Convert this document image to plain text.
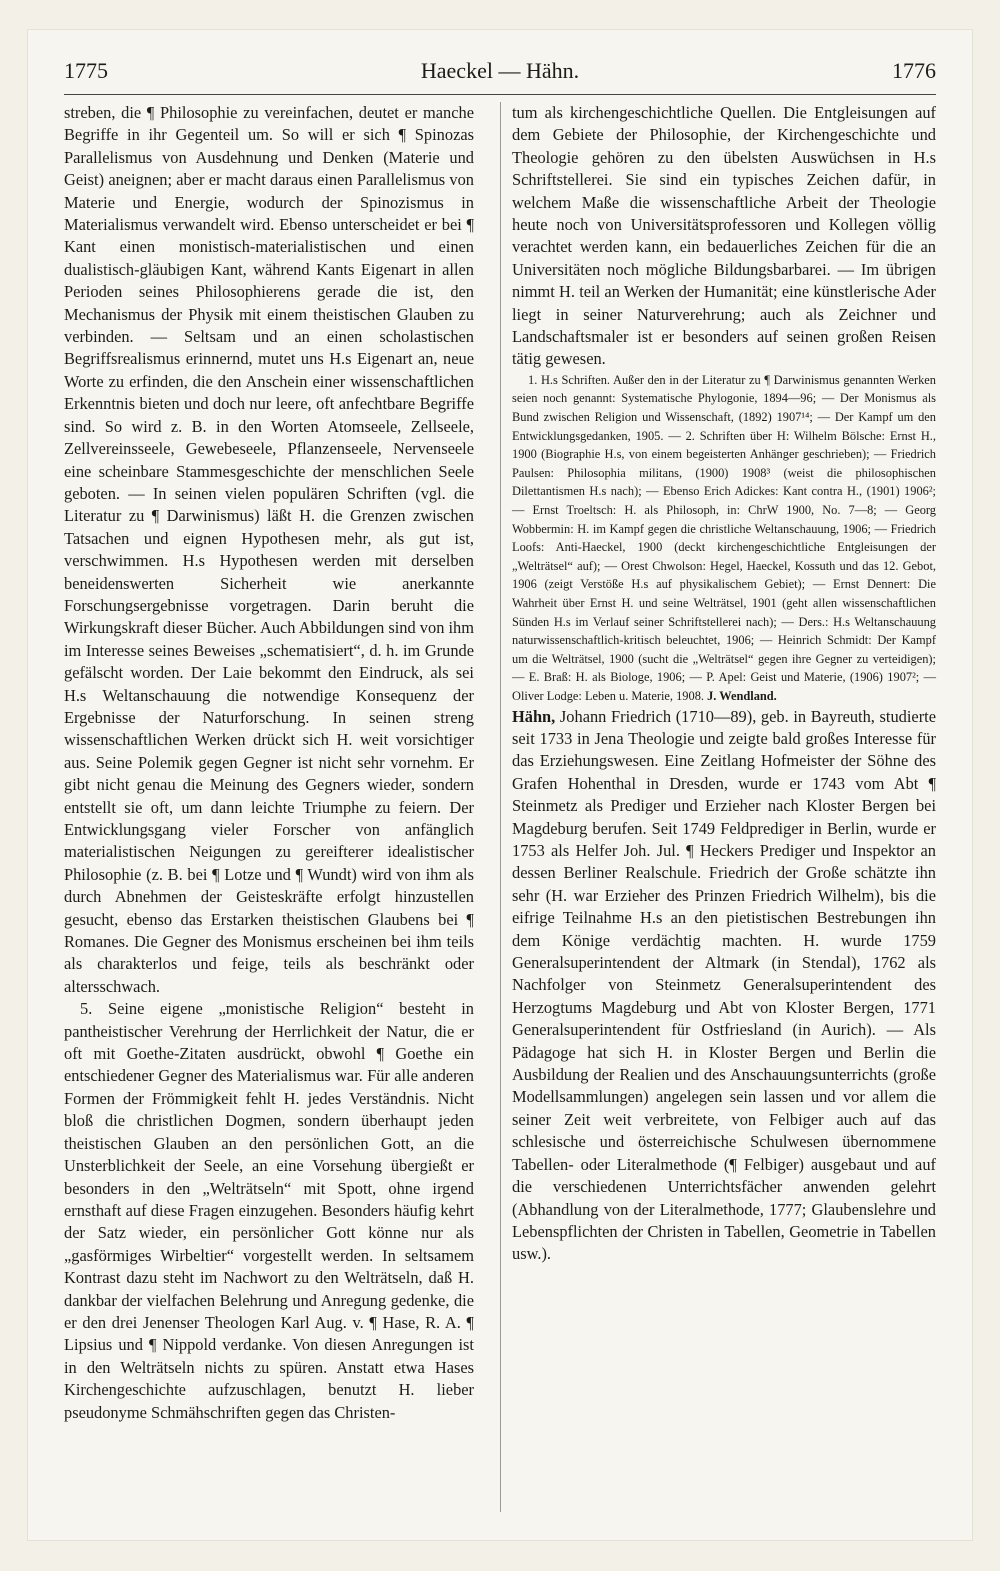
1775	Haeckel — Hähn.	1776

streben, die ¶ Philosophie zu vereinfachen, deutet er manche Begriffe in ihr Gegenteil um. So will er sich ¶ Spinozas Parallelismus von Ausdehnung und Denken (Materie und Geist) aneignen; aber er macht daraus einen Parallelismus von Materie und Energie, wodurch der Spinozismus in Materialismus verwandelt wird. Ebenso unterscheidet er bei ¶ Kant einen monistisch-materialistischen und einen dualistisch-gläubigen Kant, während Kants Eigenart in allen Perioden seines Philosophierens gerade die ist, den Mechanismus der Physik mit einem theistischen Glauben zu verbinden. — Seltsam und an einen scholastischen Begriffsrealismus erinnernd, mutet uns H.s Eigenart an, neue Worte zu erfinden, die den Anschein einer wissenschaftlichen Erkenntnis bieten und doch nur leere, oft anfechtbare Begriffe sind. So wird z. B. in den Worten Atomseele, Zellseele, Zellvereinsseele, Gewebeseele, Pflanzenseele, Nervenseele eine scheinbare Stammesgeschichte der menschlichen Seele geboten. — In seinen vielen populären Schriften (vgl. die Literatur zu ¶ Darwinismus) läßt H. die Grenzen zwischen Tatsachen und eignen Hypothesen mehr, als gut ist, verschwimmen. H.s Hypothesen werden mit derselben beneidenswerten Sicherheit wie anerkannte Forschungsergebnisse vorgetragen. Darin beruht die Wirkungskraft dieser Bücher. Auch Abbildungen sind von ihm im Interesse seines Beweises „schematisiert“, d. h. im Grunde gefälscht worden. Der Laie bekommt den Eindruck, als sei H.s Weltanschauung die notwendige Konsequenz der Ergebnisse der Naturforschung. In seinen streng wissenschaftlichen Werken drückt sich H. weit vorsichtiger aus. Seine Polemik gegen Gegner ist nicht sehr vornehm. Er gibt nicht genau die Meinung des Gegners wieder, sondern entstellt sie oft, um dann leichte Triumphe zu feiern. Der Entwicklungsgang vieler Forscher von anfänglich materialistischen Neigungen zu gereifterer idealistischer Philosophie (z. B. bei ¶ Lotze und ¶ Wundt) wird von ihm als durch Abnehmen der Geisteskräfte erfolgt hinzustellen gesucht, ebenso das Erstarken theistischen Glaubens bei ¶ Romanes. Die Gegner des Monismus erscheinen bei ihm teils als charakterlos und feige, teils als beschränkt oder altersschwach.

5. Seine eigene „monistische Religion“ besteht in pantheistischer Verehrung der Herrlichkeit der Natur, die er oft mit Goethe-Zitaten ausdrückt, obwohl ¶ Goethe ein entschiedener Gegner des Materialismus war. Für alle anderen Formen der Frömmigkeit fehlt H. jedes Verständnis. Nicht bloß die christlichen Dogmen, sondern überhaupt jeden theistischen Glauben an den persönlichen Gott, an die Unsterblichkeit der Seele, an eine Vorsehung übergießt er besonders in den „Welträtseln“ mit Spott, ohne irgend ernsthaft auf diese Fragen einzugehen. Besonders häufig kehrt der Satz wieder, ein persönlicher Gott könne nur als „gasförmiges Wirbeltier“ vorgestellt werden. In seltsamem Kontrast dazu steht im Nachwort zu den Welträtseln, daß H. dankbar der vielfachen Belehrung und Anregung gedenke, die er den drei Jenenser Theologen Karl Aug. v. ¶ Hase, R. A. ¶ Lipsius und ¶ Nippold verdanke. Von diesen Anregungen ist in den Welträtseln nichts zu spüren. Anstatt etwa Hases Kirchengeschichte aufzuschlagen, benutzt H. lieber pseudonyme Schmähschriften gegen das Christen-

tum als kirchengeschichtliche Quellen. Die Entgleisungen auf dem Gebiete der Philosophie, der Kirchengeschichte und Theologie gehören zu den übelsten Auswüchsen in H.s Schriftstellerei. Sie sind ein typisches Zeichen dafür, in welchem Maße die wissenschaftliche Arbeit der Theologie heute noch von Universitätsprofessoren und Kollegen völlig verachtet werden kann, ein bedauerliches Zeichen für die an Universitäten noch mögliche Bildungsbarbarei. — Im übrigen nimmt H. teil an Werken der Humanität; eine künstlerische Ader liegt in seiner Naturverehrung; auch als Zeichner und Landschaftsmaler ist er besonders auf seinen großen Reisen tätig gewesen.

1. H.s Schriften. Außer den in der Literatur zu ¶ Darwinismus genannten Werken seien noch genannt: Systematische Phylogonie, 1894—96; — Der Monismus als Bund zwischen Religion und Wissenschaft, (1892) 1907¹⁴; — Der Kampf um den Entwicklungsgedanken, 1905. — 2. Schriften über H: Wilhelm Bölsche: Ernst H., 1900 (Biographie H.s, von einem begeisterten Anhänger geschrieben); — Friedrich Paulsen: Philosophia militans, (1900) 1908³ (weist die philosophischen Dilettantismen H.s nach); — Ebenso Erich Adickes: Kant contra H., (1901) 1906²; — Ernst Troeltsch: H. als Philosoph, in: ChrW 1900, No. 7—8; — Georg Wobbermin: H. im Kampf gegen die christliche Weltanschauung, 1906; — Friedrich Loofs: Anti-Haeckel, 1900 (deckt kirchengeschichtliche Entgleisungen der „Welträtsel“ auf); — Orest Chwolson: Hegel, Haeckel, Kossuth und das 12. Gebot, 1906 (zeigt Verstöße H.s auf physikalischem Gebiet); — Ernst Dennert: Die Wahrheit über Ernst H. und seine Welträtsel, 1901 (geht allen wissenschaftlichen Sünden H.s im Verlauf seiner Schriftstellerei nach); — Ders.: H.s Weltanschauung naturwissenschaftlich-kritisch beleuchtet, 1906; — Heinrich Schmidt: Der Kampf um die Welträtsel, 1900 (sucht die „Welträtsel“ gegen ihre Gegner zu verteidigen); — E. Braß: H. als Biologe, 1906; — P. Apel: Geist und Materie, (1906) 1907²; — Oliver Lodge: Leben u. Materie, 1908. J. Wendland.

Hähn, Johann Friedrich (1710—89), geb. in Bayreuth, studierte seit 1733 in Jena Theologie und zeigte bald großes Interesse für das Erziehungswesen. Eine Zeitlang Hofmeister der Söhne des Grafen Hohenthal in Dresden, wurde er 1743 vom Abt ¶ Steinmetz als Prediger und Erzieher nach Kloster Bergen bei Magdeburg berufen. Seit 1749 Feldprediger in Berlin, wurde er 1753 als Helfer Joh. Jul. ¶ Heckers Prediger und Inspektor an dessen Berliner Realschule. Friedrich der Große schätzte ihn sehr (H. war Erzieher des Prinzen Friedrich Wilhelm), bis die eifrige Teilnahme H.s an den pietistischen Bestrebungen ihn dem Könige verdächtig machten. H. wurde 1759 Generalsuperintendent der Altmark (in Stendal), 1762 als Nachfolger von Steinmetz Generalsuperintendent des Herzogtums Magdeburg und Abt von Kloster Bergen, 1771 Generalsuperintendent für Ostfriesland (in Aurich). — Als Pädagoge hat sich H. in Kloster Bergen und Berlin die Ausbildung der Realien und des Anschauungsunterrichts (große Modellsammlungen) angelegen sein lassen und vor allem die seiner Zeit weit verbreitete, von Felbiger auch auf das schlesische und österreichische Schulwesen übernommene Tabellen- oder Literalmethode (¶ Felbiger) ausgebaut und auf die verschiedenen Unterrichtsfächer anwenden gelehrt (Abhandlung von der Literalmethode, 1777; Glaubenslehre und Lebenspflichten der Christen in Tabellen, Geometrie in Tabellen usw.).
